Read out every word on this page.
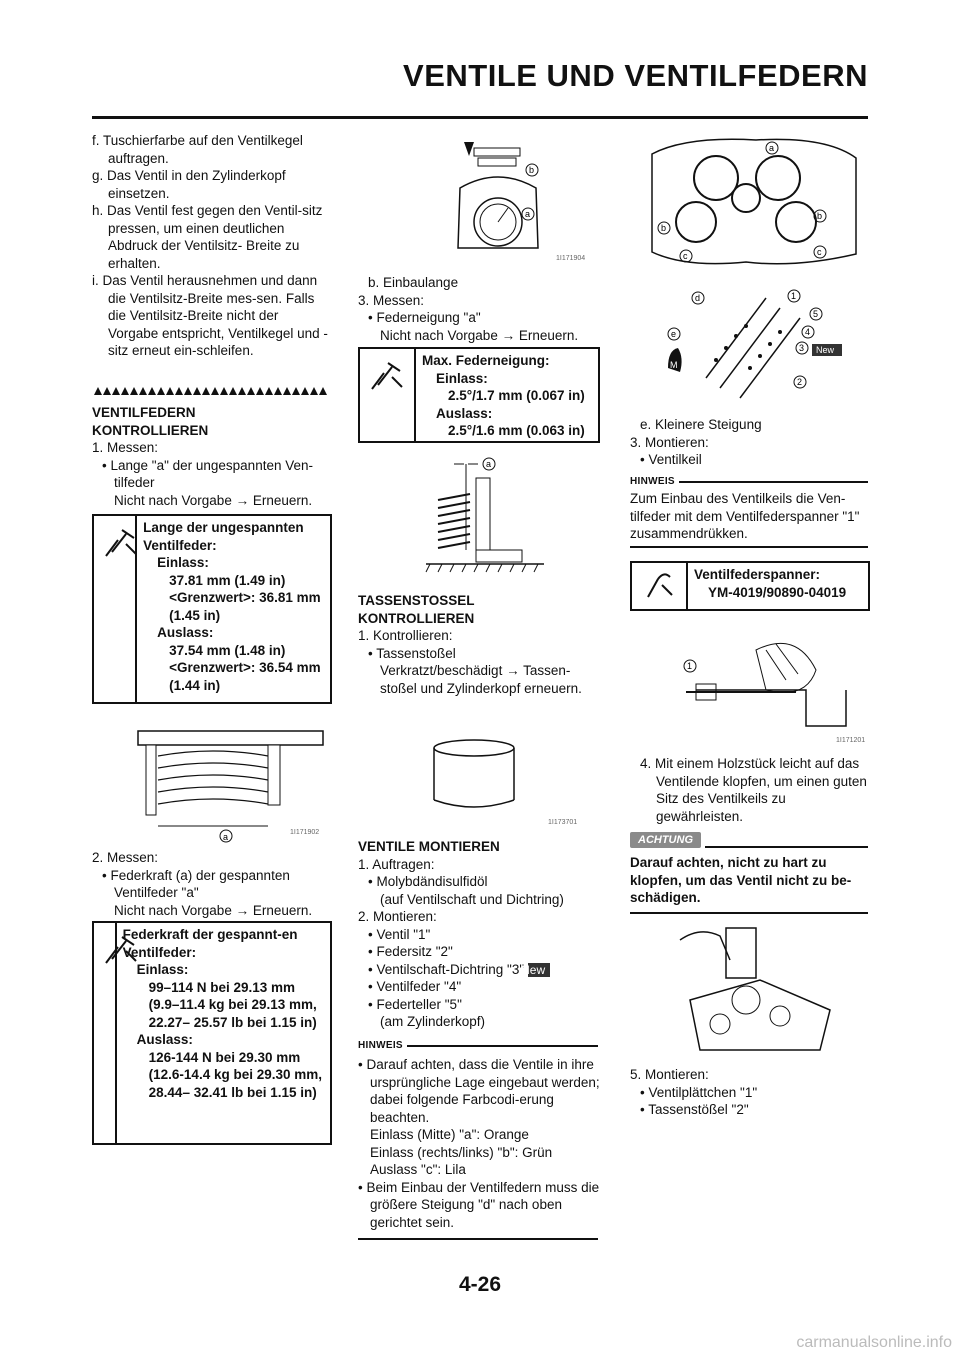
VENTILE UND VENTILFEDERN

f. Tuschierfarbe auf den Ventilkegel auftragen.

g. Das Ventil in den Zylinderkopf einsetzen.

h. Das Ventil fest gegen den Ventil-sitz pressen, um einen deutlichen Abdruck der Ventilsitz- Breite zu erhalten.

i. Das Ventil herausnehmen und dann die Ventilsitz-Breite mes-sen. Falls die Ventilsitz-Breite nicht der Vorgabe entspricht, Ventilkegel und -sitz erneut ein-schleifen.

VENTILFEDERN

KONTROLLIEREN

1. Messen:

• Lange "a" der ungespannten Ven-tilfeder

Nicht nach Vorgabe → Erneuern.

Lange der ungespannten Ventilfeder:
Einlass:
37.81 mm (1.49 in)
<Grenzwert>: 36.81 mm (1.45 in)
Auslass:
37.54 mm (1.48 in)
<Grenzwert>: 36.54 mm (1.44 in)
a	1I171902

2. Messen:

• Federkraft (a) der gespannten Ventilfeder "a"

Nicht nach Vorgabe → Erneuern.

Federkraft der gespannt-en Ventilfeder:
Einlass:
99–114 N bei 29.13 mm (9.9–11.4 kg bei 29.13 mm, 22.27– 25.57 lb bei 1.15 in)
Auslass:
126-144 N bei 29.30 mm (12.6-14.4 kg bei 29.30 mm, 28.44– 32.41 lb bei 1.15 in)
b
a
1I171904

b. Einbaulange

3. Messen:

• Federneigung "a"

Nicht nach Vorgabe → Erneuern.

Max. Federneigung:
Einlass:
2.5°/1.7 mm (0.067 in)
Auslass:
2.5°/1.6 mm (0.063 in)
a

TASSENSTOSSEL

KONTROLLIEREN

1. Kontrollieren:

• Tassenstoßel

Verkratzt/beschädigt → Tassen-stoßel und Zylinderkopf erneuern.

1I173701

VENTILE MONTIEREN

1. Auftragen:

• Molybdändisulfidöl

(auf Ventilschaft und Dichtring)

2. Montieren:

• Ventil "1"

• Federsitz "2"

• Ventilschaft-Dichtring "3"New

• Ventilfeder "4"

• Federteller "5"

(am Zylinderkopf)

HINWEIS

• Darauf achten, dass die Ventile in ihre ursprüngliche Lage eingebaut werden; dabei folgende Farbcodi-erung beachten.

Einlass (Mitte) "a": Orange

Einlass (rechts/links) "b": Grün

Auslass "c": Lila

• Beim Einbau der Ventilfedern muss die größere Steigung "d" nach oben gerichtet sein.

a
b
b
c	c
M
d
e
1
5
4
3 New
2

e. Kleinere Steigung

3. Montieren:

• Ventilkeil

HINWEIS

Zum Einbau des Ventilkeils die Ven-tilfeder mit dem Ventilfederspanner "1" zusammendrükken.

Ventilfederspanner:
YM-4019/90890-04019
1
1I171201

4. Mit einem Holzstück leicht auf das Ventilende klopfen, um einen guten Sitz des Ventilkeils zu gewährleisten.

ACHTUNG

Darauf achten, nicht zu hart zu klopfen, um das Ventil nicht zu be-schädigen.

5. Montieren:

• Ventilplättchen "1"

• Tassenstößel "2"

4-26
carmanualsonline.info
